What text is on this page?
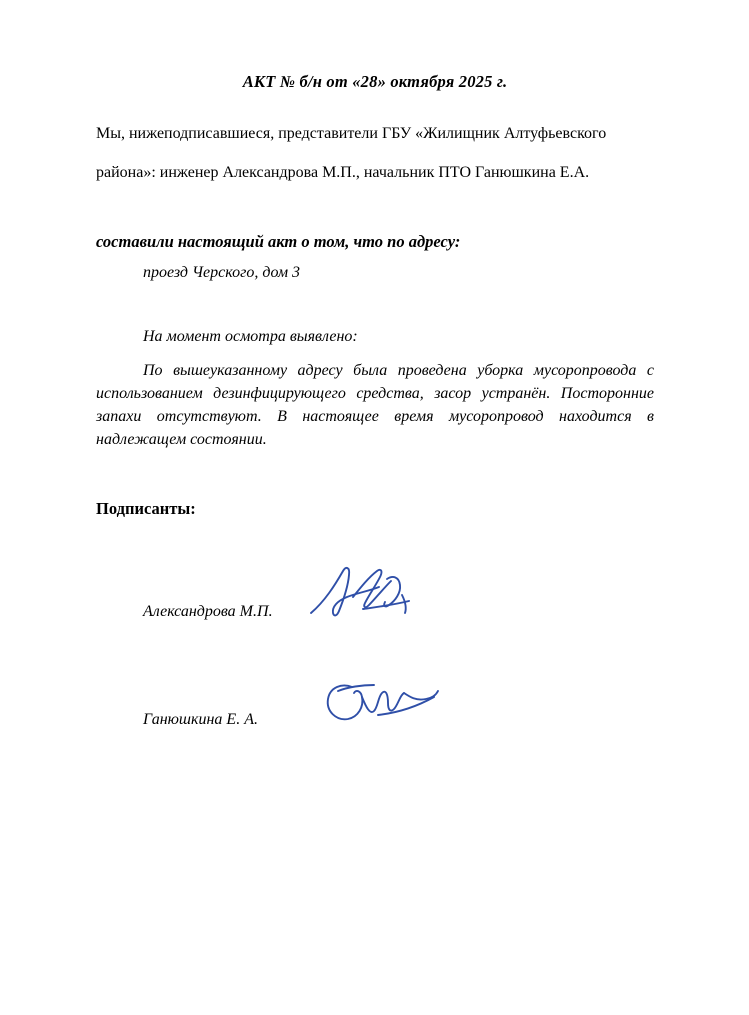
АКТ № б/н от «28» октября 2025 г.
Мы, нижеподписавшиеся, представители ГБУ «Жилищник Алтуфьевского района»: инженер Александрова М.П., начальник ПТО Ганюшкина Е.А.
составили настоящий акт о том, что по адресу:
проезд Черского, дом 3
На момент осмотра выявлено:
По вышеуказанному адресу была проведена уборка мусоропровода с использованием дезинфицирующего средства, засор устранён. Посторонние запахи отсутствуют. В настоящее время мусоропровод находится в надлежащем состоянии.
Подписанты:
Александрова М.П.
Ганюшкина Е. А.
